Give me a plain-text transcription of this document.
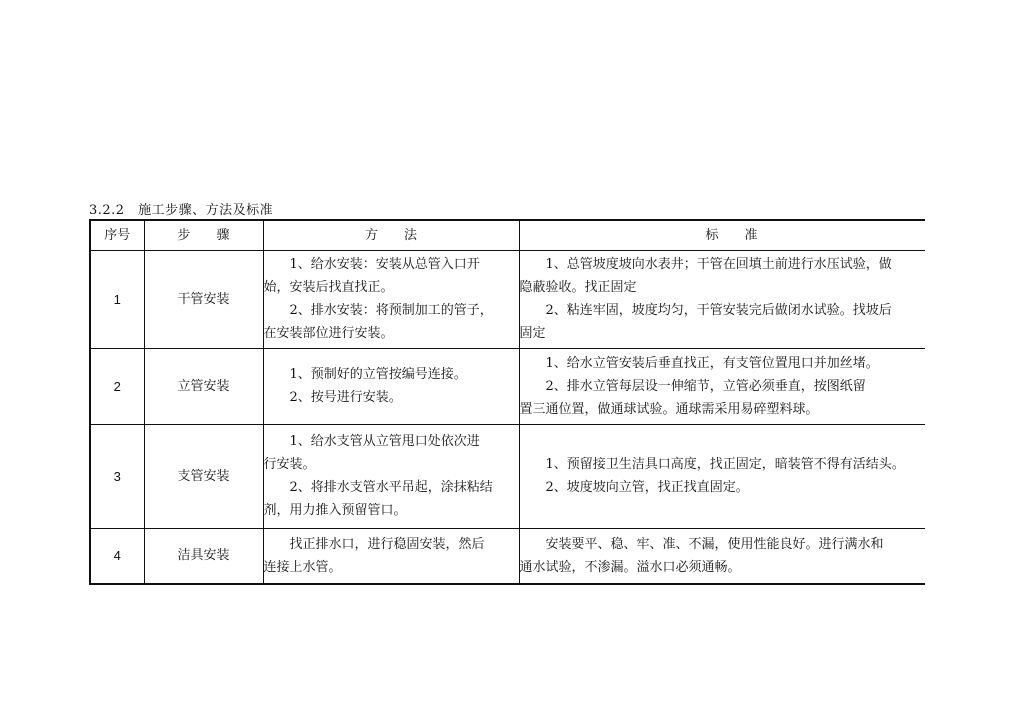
3.2.2　施工步骤、方法及标准
序号	步　　骤	方　　法	标　　准
1	干管安装	1、给水安装：安装从总管入口开
始，安装后找直找正。
2、排水安装：将预制加工的管子，
在安装部位进行安装。	1、总管坡度坡向水表井；干管在回填土前进行水压试验，做
隐蔽验收。找正固定
2、粘连牢固，坡度均匀，干管安装完后做闭水试验。找坡后
固定

2	立管安装	1、预制好的立管按编号连接。
2、按号进行安装。	1、给水立管安装后垂直找正，有支管位置甩口并加丝堵。
2、排水立管每层设一伸缩节，立管必须垂直，按图纸留
置三通位置，做通球试验。通球需采用易碎塑料球。

3	支管安装	1、给水支管从立管甩口处依次进
行安装。
2、将排水支管水平吊起，涂抹粘结
剂，用力推入预留管口。	1、预留接卫生洁具口高度，找正固定，暗装管不得有活结头。
2、坡度坡向立管，找正找直固定。

4	洁具安装	找正排水口，进行稳固安装，然后
连接上水管。	安装要平、稳、牢、准、不漏，使用性能良好。进行满水和
通水试验，不渗漏。溢水口必须通畅。
